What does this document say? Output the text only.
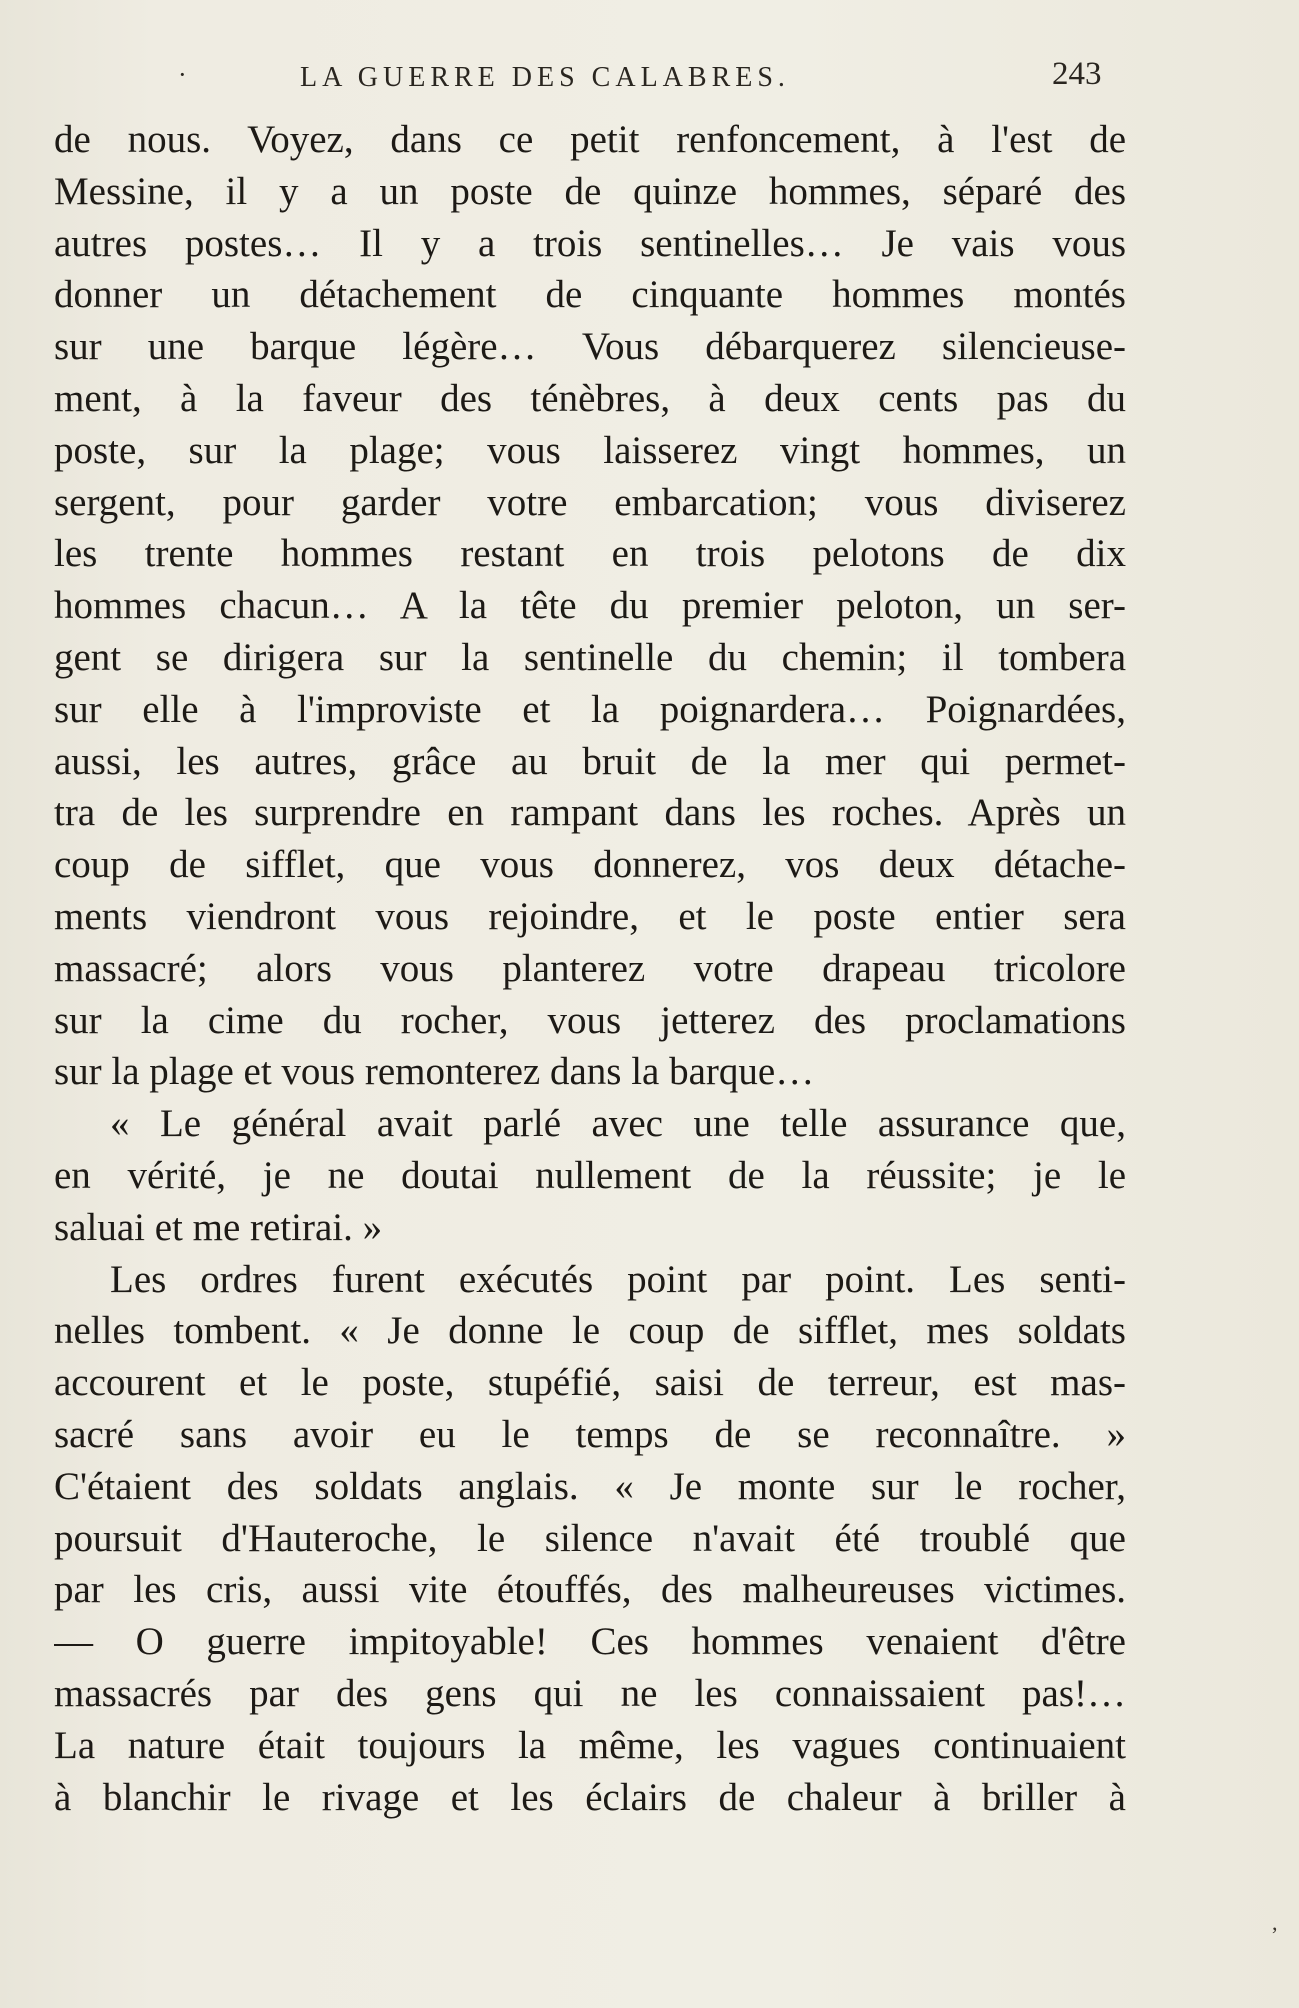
·	LA GUERRE DES CALABRES.	243
de nous. Voyez, dans ce petit renfoncement, à l'est de
Messine, il y a un poste de quinze hommes, séparé des
autres postes… Il y a trois sentinelles… Je vais vous
donner un détachement de cinquante hommes montés
sur une barque légère… Vous débarquerez silencieuse-
ment, à la faveur des ténèbres, à deux cents pas du
poste, sur la plage; vous laisserez vingt hommes, un
sergent, pour garder votre embarcation; vous diviserez
les trente hommes restant en trois pelotons de dix
hommes chacun… A la tête du premier peloton, un ser-
gent se dirigera sur la sentinelle du chemin; il tombera
sur elle à l'improviste et la poignardera… Poignardées,
aussi, les autres, grâce au bruit de la mer qui permet-
tra de les surprendre en rampant dans les roches. Après un
coup de sifflet, que vous donnerez, vos deux détache-
ments viendront vous rejoindre, et le poste entier sera
massacré; alors vous planterez votre drapeau tricolore
sur la cime du rocher, vous jetterez des proclamations
sur la plage et vous remonterez dans la barque…
« Le général avait parlé avec une telle assurance que,
en vérité, je ne doutai nullement de la réussite; je le
saluai et me retirai. »
Les ordres furent exécutés point par point. Les senti-
nelles tombent. « Je donne le coup de sifflet, mes soldats
accourent et le poste, stupéfié, saisi de terreur, est mas-
sacré sans avoir eu le temps de se reconnaître. »
C'étaient des soldats anglais. « Je monte sur le rocher,
poursuit d'Hauteroche, le silence n'avait été troublé que
par les cris, aussi vite étouffés, des malheureuses victimes.
— O guerre impitoyable! Ces hommes venaient d'être
massacrés par des gens qui ne les connaissaient pas!…
La nature était toujours la même, les vagues continuaient
à blanchir le rivage et les éclairs de chaleur à briller à
,
